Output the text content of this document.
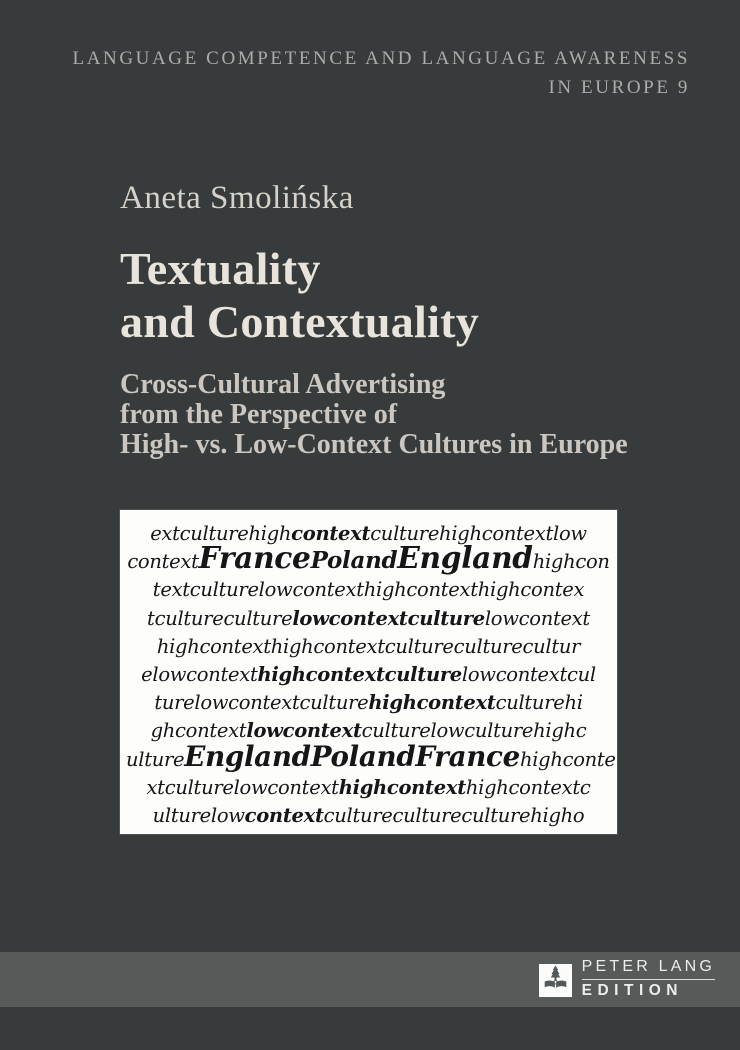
LANGUAGE COMPETENCE AND LANGUAGE AWARENESS
IN EUROPE 9
Aneta Smolińska
Textuality
and Contextuality
Cross-Cultural Advertising
from the Perspective of
High- vs. Low-Context Cultures in Europe
extculturehighcontextculturehighcontextlow
contextFrancePolandEnglandhighcon
textculturelowcontexthighcontexthighcontex
tcultureculturelowcontextculturelowcontext
highcontexthighcontextcultureculturecultur
elowcontexthighcontextculturelowcontextcul
turelowcontextculturehighcontextculturehi
ghcontextlowcontextculturelowculturehighc
ultureEnglandPolandFrancehighconte
xtculturelowcontexthighcontexthighcontextc
ulturelowcontextculturecultureculturehigho
PETER LANG
EDITION
